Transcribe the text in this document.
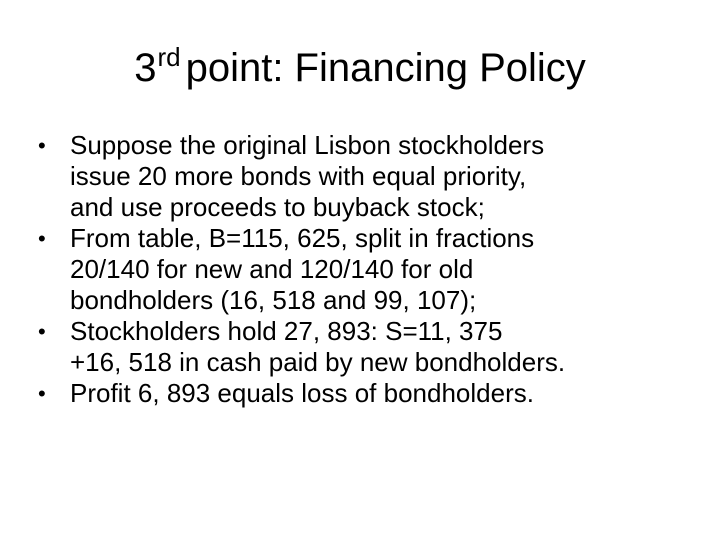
3rd point: Financing Policy
• Suppose the original Lisbon stockholders
issue 20 more bonds with equal priority,
and use proceeds to buyback stock;
• From table, B=115, 625, split in fractions
20/140 for new and 120/140 for old
bondholders (16, 518 and 99, 107);
• Stockholders hold 27, 893: S=11, 375
+16, 518 in cash paid by new bondholders.
• Profit 6, 893 equals loss of bondholders.
